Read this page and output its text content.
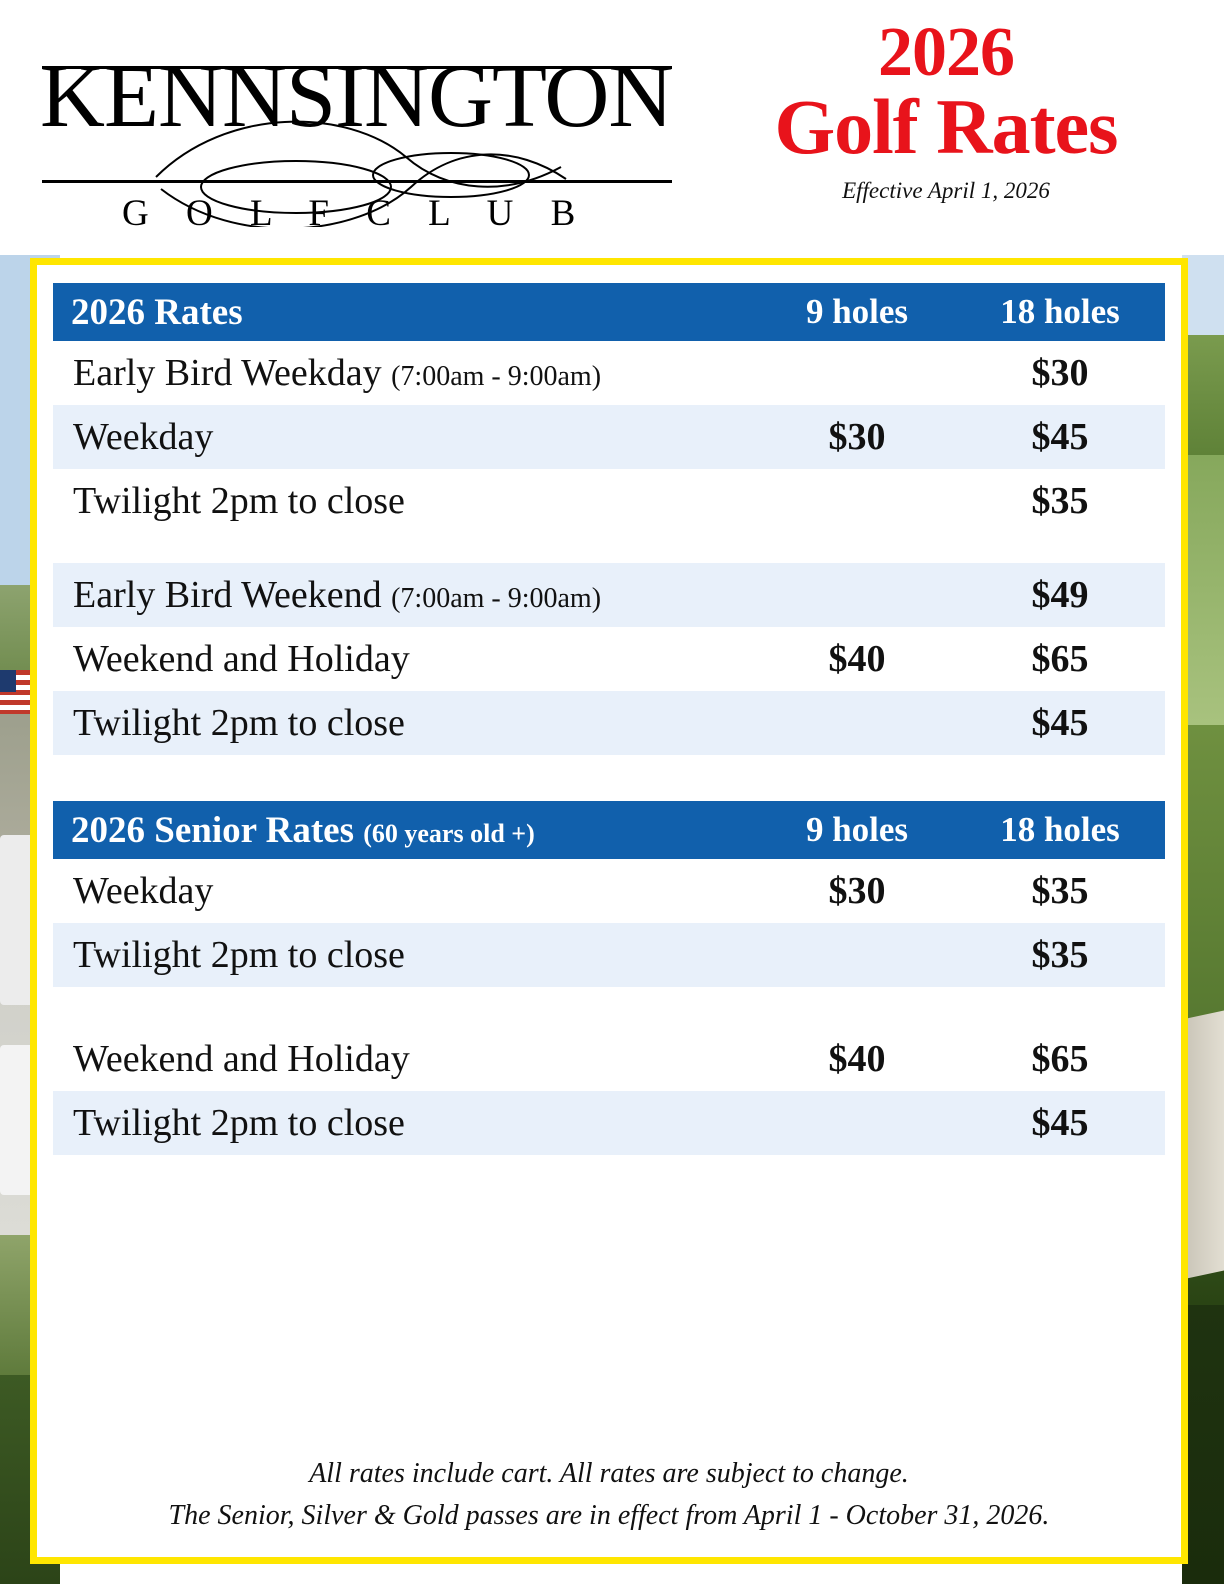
KENNSINGTON
G O L F C L U B
2026
Golf Rates
Effective April 1, 2026
2026 Rates	9 holes	18 holes
Early Bird Weekday (7:00am - 9:00am)		$30
Weekday	$30	$45
Twilight 2pm to close		$35

Early Bird Weekend (7:00am - 9:00am)		$49
Weekend and Holiday	$40	$65
Twilight 2pm to close		$45

2026 Senior Rates (60 years old +)	9 holes	18 holes
Weekday	$30	$35
Twilight 2pm to close		$35

Weekend and Holiday	$40	$65
Twilight 2pm to close		$45
All rates include cart. All rates are subject to change.
The Senior, Silver & Gold passes are in effect from April 1 - October 31, 2026.
